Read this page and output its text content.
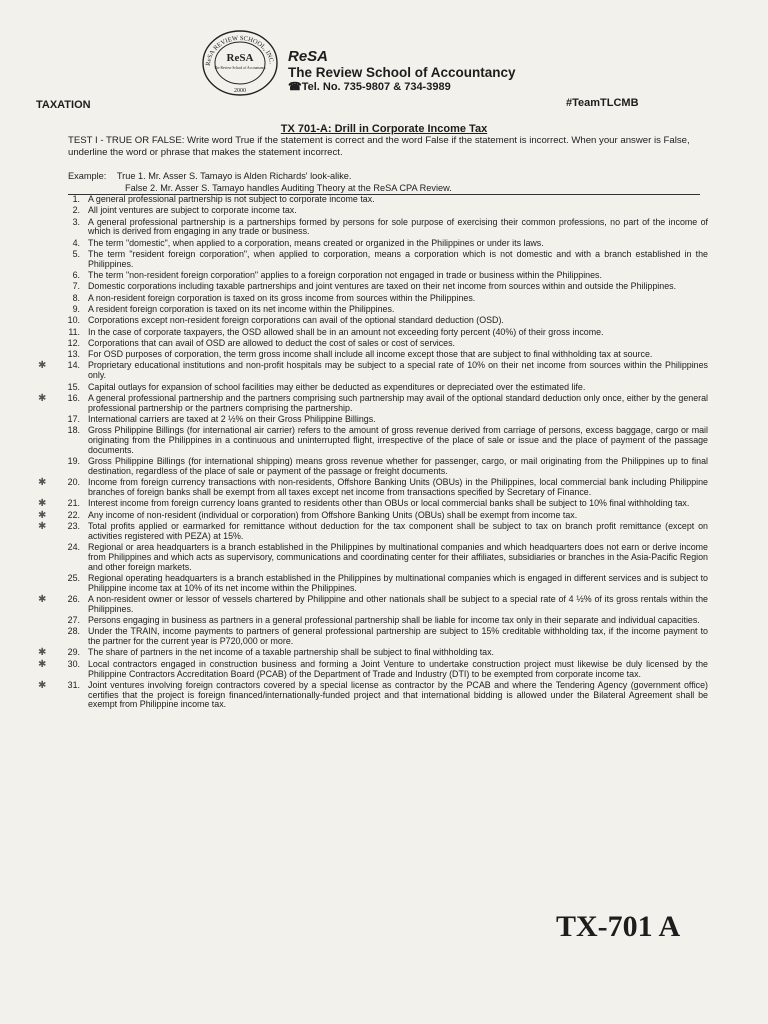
ReSA REVIEW SCHOOL, INC.
ReSA
The Review School of Accountancy
2000
ReSA
The Review School of Accountancy
☎Tel. No. 735-9807 & 734-3989
TAXATION	#TeamTLCMB
TX 701-A: Drill in Corporate Income Tax
TEST I - TRUE OR FALSE: Write word True if the statement is correct and the word False if the statement is incorrect. When your answer is False, underline the word or phrase that makes the statement incorrect.
Example: True 1. Mr. Asser S. Tamayo is Alden Richards' look-alike.
False 2. Mr. Asser S. Tamayo handles Auditing Theory at the ReSA CPA Review.
1. A general professional partnership is not subject to corporate income tax.
2. All joint ventures are subject to corporate income tax.
3. A general professional partnership is a partnerships formed by persons for sole purpose of exercising their common professions, no part of the income of which is derived from engaging in any trade or business.
4. The term "domestic", when applied to a corporation, means created or organized in the Philippines or under its laws.
5. The term "resident foreign corporation", when applied to corporation, means a corporation which is not domestic and with a branch established in the Philippines.
6. The term "non-resident foreign corporation" applies to a foreign corporation not engaged in trade or business within the Philippines.
7. Domestic corporations including taxable partnerships and joint ventures are taxed on their net income from sources within and outside the Philippines.
8. A non-resident foreign corporation is taxed on its gross income from sources within the Philippines.
9. A resident foreign corporation is taxed on its net income within the Philippines.
10. Corporations except non-resident foreign corporations can avail of the optional standard deduction (OSD).
11. In the case of corporate taxpayers, the OSD allowed shall be in an amount not exceeding forty percent (40%) of their gross income.
12. Corporations that can avail of OSD are allowed to deduct the cost of sales or cost of services.
13. For OSD purposes of corporation, the term gross income shall include all income except those that are subject to final withholding tax at source.
✱	14. Proprietary educational institutions and non-profit hospitals may be subject to a special rate of 10% on their net income from sources within the Philippines only.
15. Capital outlays for expansion of school facilities may either be deducted as expenditures or depreciated over the estimated life.
✱	16. A general professional partnership and the partners comprising such partnership may avail of the optional standard deduction only once, either by the general professional partnership or the partners comprising the partnership.
17. International carriers are taxed at 2 ½% on their Gross Philippine Billings.
18. Gross Philippine Billings (for international air carrier) refers to the amount of gross revenue derived from carriage of persons, excess baggage, cargo or mail originating from the Philippines in a continuous and uninterrupted flight, irrespective of the place of sale or issue and the place of payment of the passage documents.
19. Gross Philippine Billings (for international shipping) means gross revenue whether for passenger, cargo, or mail originating from the Philippines up to final destination, regardless of the place of sale or payment of the passage or freight documents.
✱	20. Income from foreign currency transactions with non-residents, Offshore Banking Units (OBUs) in the Philippines, local commercial bank including Philippine branches of foreign banks shall be exempt from all taxes except net income from transactions specified by Secretary of Finance.
✱	21. Interest income from foreign currency loans granted to residents other than OBUs or local commercial banks shall be subject to 10% final withholding tax.
✱	22. Any income of non-resident (individual or corporation) from Offshore Banking Units (OBUs) shall be exempt from income tax.
✱	23. Total profits applied or earmarked for remittance without deduction for the tax component shall be subject to tax on branch profit remittance (except on activities registered with PEZA) at 15%.
24. Regional or area headquarters is a branch established in the Philippines by multinational companies and which headquarters does not earn or derive income from Philippines and which acts as supervisory, communications and coordinating center for their affiliates, subsidiaries or branches in the Asia-Pacific Region and other foreign markets.
25. Regional operating headquarters is a branch established in the Philippines by multinational companies which is engaged in different services and is subject to Philippine income tax at 10% of its net income within the Philippines.
✱	26. A non-resident owner or lessor of vessels chartered by Philippine and other nationals shall be subject to a special rate of 4 ½% of its gross rentals within the Philippines.
27. Persons engaging in business as partners in a general professional partnership shall be liable for income tax only in their separate and individual capacities.
28. Under the TRAIN, income payments to partners of general professional partnership are subject to 15% creditable withholding tax, if the income payment to the partner for the current year is P720,000 or more.
✱	29. The share of partners in the net income of a taxable partnership shall be subject to final withholding tax.
✱	30. Local contractors engaged in construction business and forming a Joint Venture to undertake construction project must likewise be duly licensed by the Philippine Contractors Accreditation Board (PCAB) of the Department of Trade and Industry (DTI) to be exempted from corporate income tax.
✱	31. Joint ventures involving foreign contractors covered by a special license as contractor by the PCAB and where the Tendering Agency (government office) certifies that the project is foreign financed/internationally-funded project and that international bidding is allowed under the Bilateral Agreement shall be exempt from Philippine income tax.
TX-701 A
